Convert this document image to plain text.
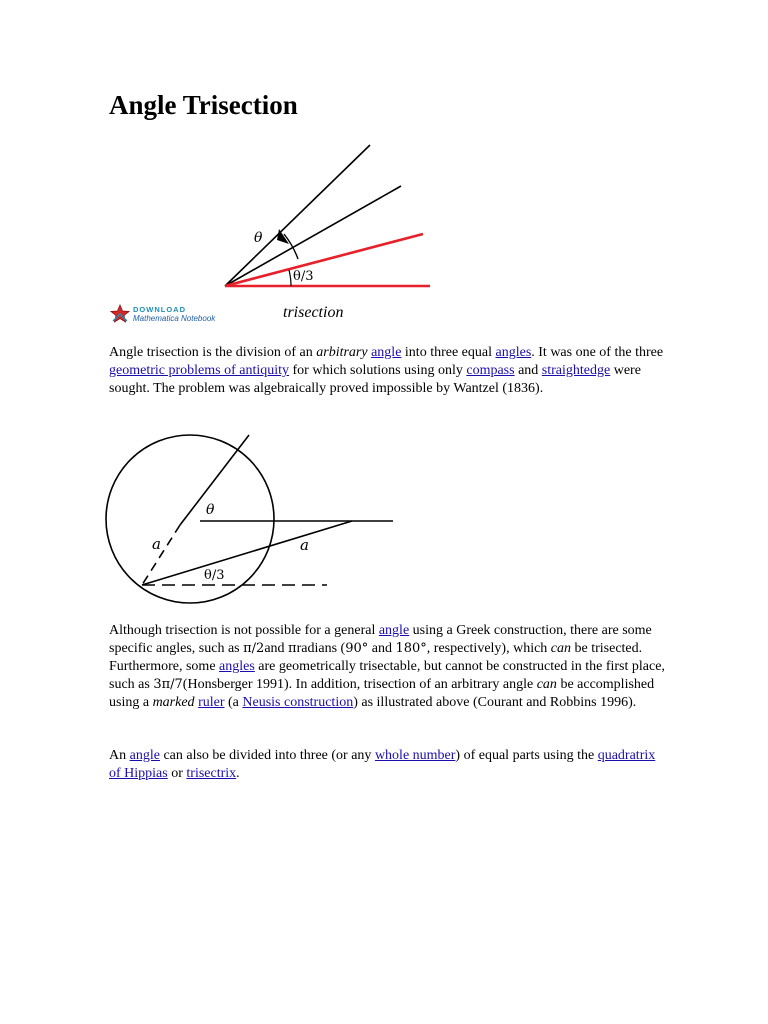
Angle Trisection
θ
θ/3
DOWNLOAD
Mathematica Notebook	trisection

Angle trisection is the division of an arbitrary angle into three equal angles. It was one of the three geometric problems of antiquity for which solutions using only compass and straightedge were sought. The problem was algebraically proved impossible by Wantzel (1836).

θ
a	a
θ/3

Although trisection is not possible for a general angle using a Greek construction, there are some specific angles, such as π/2and πradians (90° and 180°, respectively), which can be trisected. Furthermore, some angles are geometrically trisectable, but cannot be constructed in the first place, such as 3π/7(Honsberger 1991). In addition, trisection of an arbitrary angle can be accomplished using a marked ruler (a Neusis construction) as illustrated above (Courant and Robbins 1996).

An angle can also be divided into three (or any whole number) of equal parts using the quadratrix of Hippias or trisectrix.
